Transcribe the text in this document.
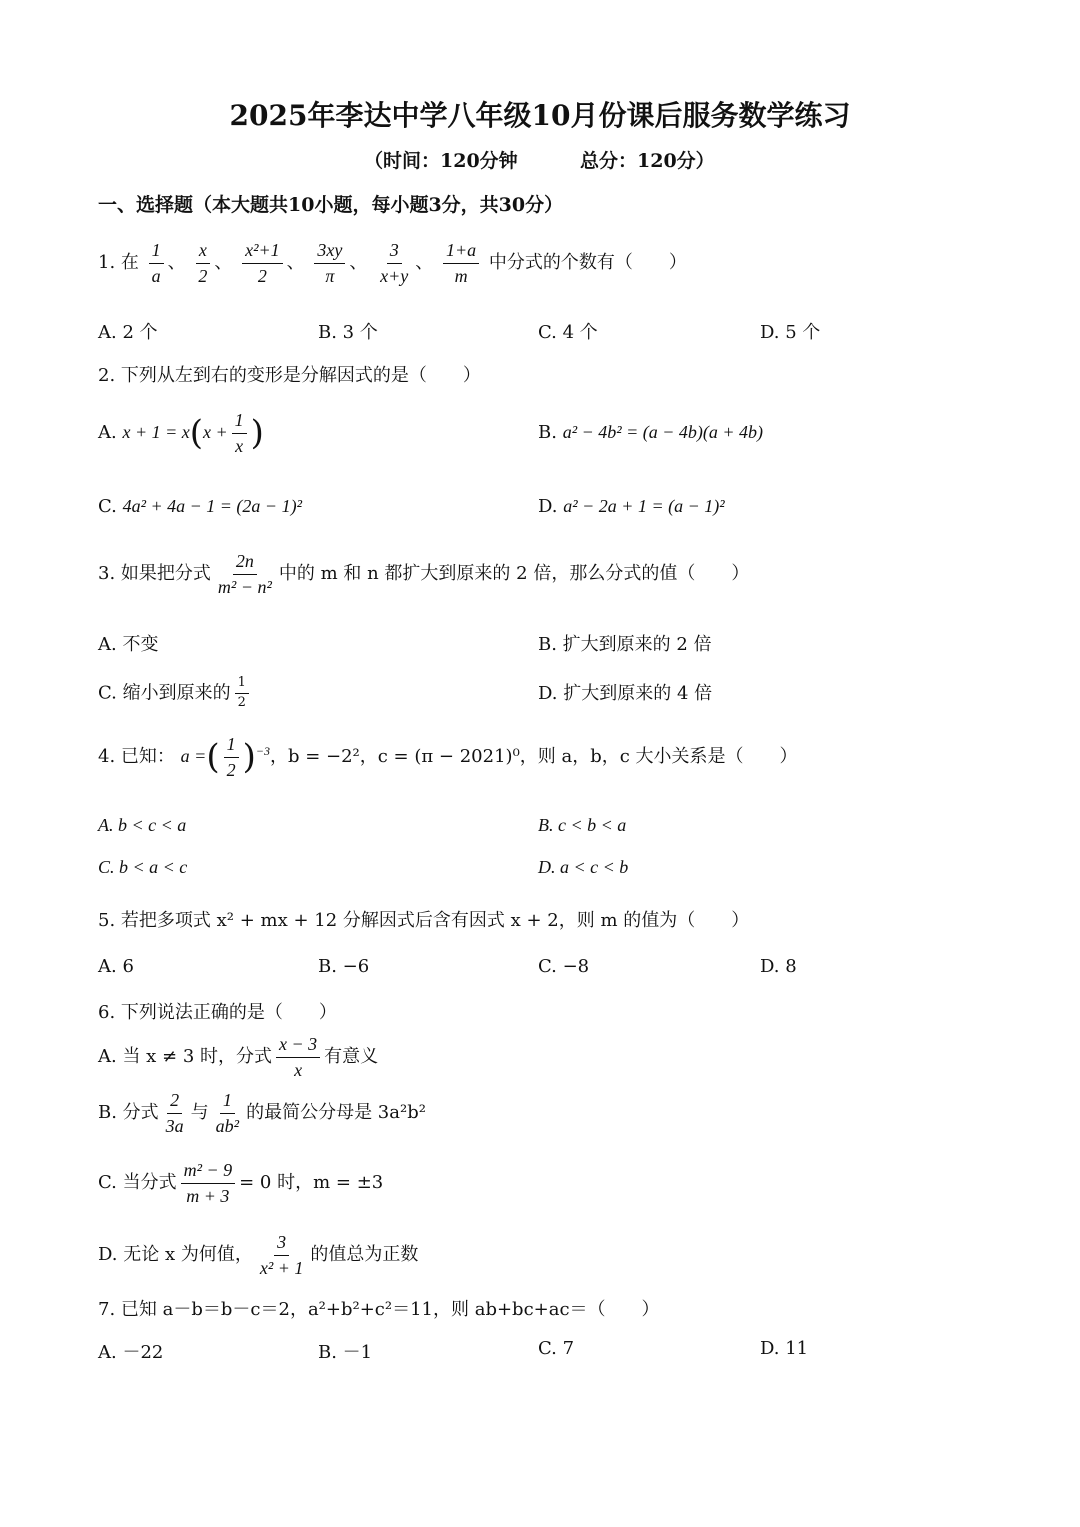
2025年李达中学八年级10月份课后服务数学练习
（时间：120分钟	总分：120分）
一、选择题（本大题共10小题，每小题3分，共30分）
1. 在 $\frac{1}{a}$ 、 $\frac{x}{2}$ 、 $\frac{\text{x²+1}}{2}$ 、 $\frac{3xy}{\pi}$ 、 $\frac{3}{x+y}$ 、 $\frac{1+a}{m}$ 中分式的个数有（　　）
A. 2 个	B. 3 个	C. 4 个	D. 5 个
2. 下列从左到右的变形是分解因式的是（　　）
A. $x + 1 = x(x + \frac{1}{x}$ )	B. a² − 4b² = (a − 4b)(a + 4b)
C. 4a² + 4a − 1 = (2a − 1)²	D. a² − 2a + 1 = (a − 1)²
3. 如果把分式 $\frac{2n}{\text{m² − n²}}$ 中的 m 和 n 都扩大到原来的 2 倍，那么分式的值（　　）
A. 不变	B. 扩大到原来的 2 倍
C. 缩小到原来的 $\frac{1}{2}$	D. 扩大到原来的 4 倍
4. 已知： a =( $\frac{1}{2} )^{-3}$，b = −2²，c = (π − 2021)⁰，则 a，b，c 大小关系是（　　）
A. b < c < a	B. c < b < a
C. b < a < c	D. a < c < b
5. 若把多项式 x² + mx + 12 分解因式后含有因式 x + 2，则 m 的值为（　　）
A. 6	B. −6	C. −8	D. 8
6. 下列说法正确的是（　　）
A. 当 x ≠ 3 时，分式 $\frac{x - 3}{x}$ 有意义
B. 分式 $\frac{2}{3a}$ 与 $\frac{1}{\text{ab²}}$ 的最简公分母是 3a²b²
C. 当分式 $\frac{\text{m² − 9}}{m + 3} = 0$ 时，m = ±3
D. 无论 x 为何值， $\frac{3}{\text{x² + 1}}$ 的值总为正数
7. 已知 a－b＝b－c＝2，a²+b²+c²＝11，则 ab+bc+ac＝（　　）
A. －22	B. －1	C. 7	D. 11
